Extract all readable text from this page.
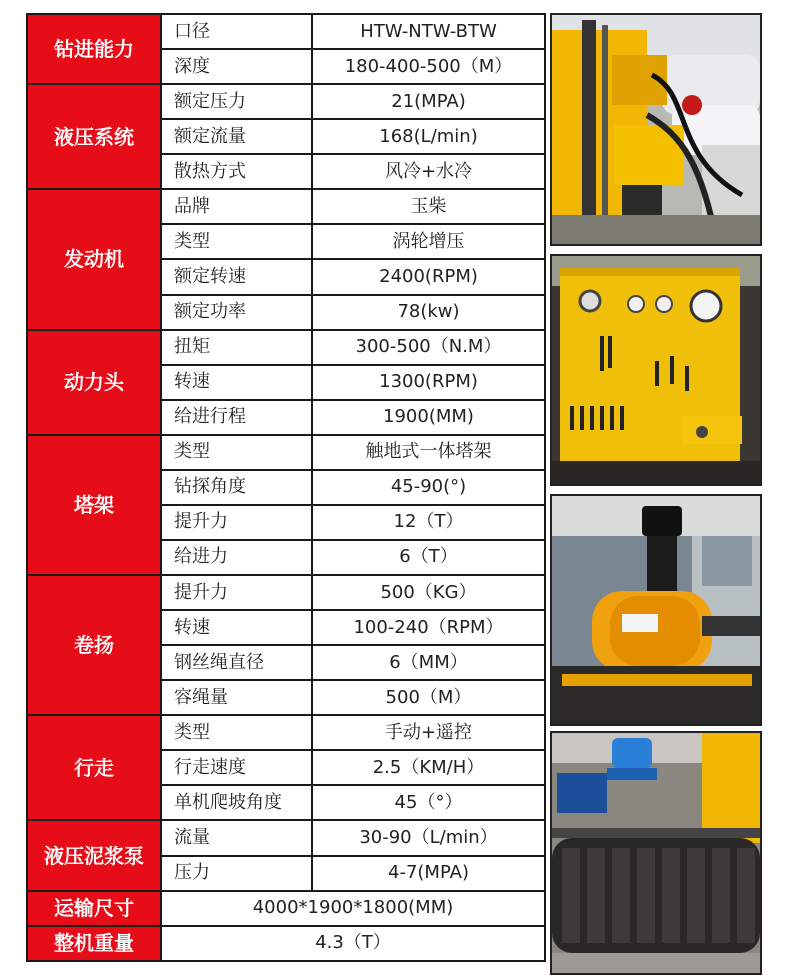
钻进能力	口径	HTW-NTW-BTW
	深度	180-400-500（M）
液压系统	额定压力	21(MPA)
	额定流量	168(L/min)
	散热方式	风冷+水冷
发动机	品牌	玉柴
	类型	涡轮增压
	额定转速	2400(RPM)
	额定功率	78(kw)
动力头	扭矩	300-500（N.M）
	转速	1300(RPM)
	给进行程	1900(MM)
塔架	类型	触地式一体塔架
	钻探角度	45-90(°)
	提升力	12（T）
	给进力	6（T）
卷扬	提升力	500（KG）
	转速	100-240（RPM）
	钢丝绳直径	6（MM）
	容绳量	500（M）
行走	类型	手动+遥控
	行走速度	2.5（KM/H）
	单机爬坡角度	45（°）
液压泥浆泵	流量	30-90（L/min）
	压力	4-7(MPA)
运输尺寸	4000*1900*1800(MM)	
整机重量	4.3（T）	
